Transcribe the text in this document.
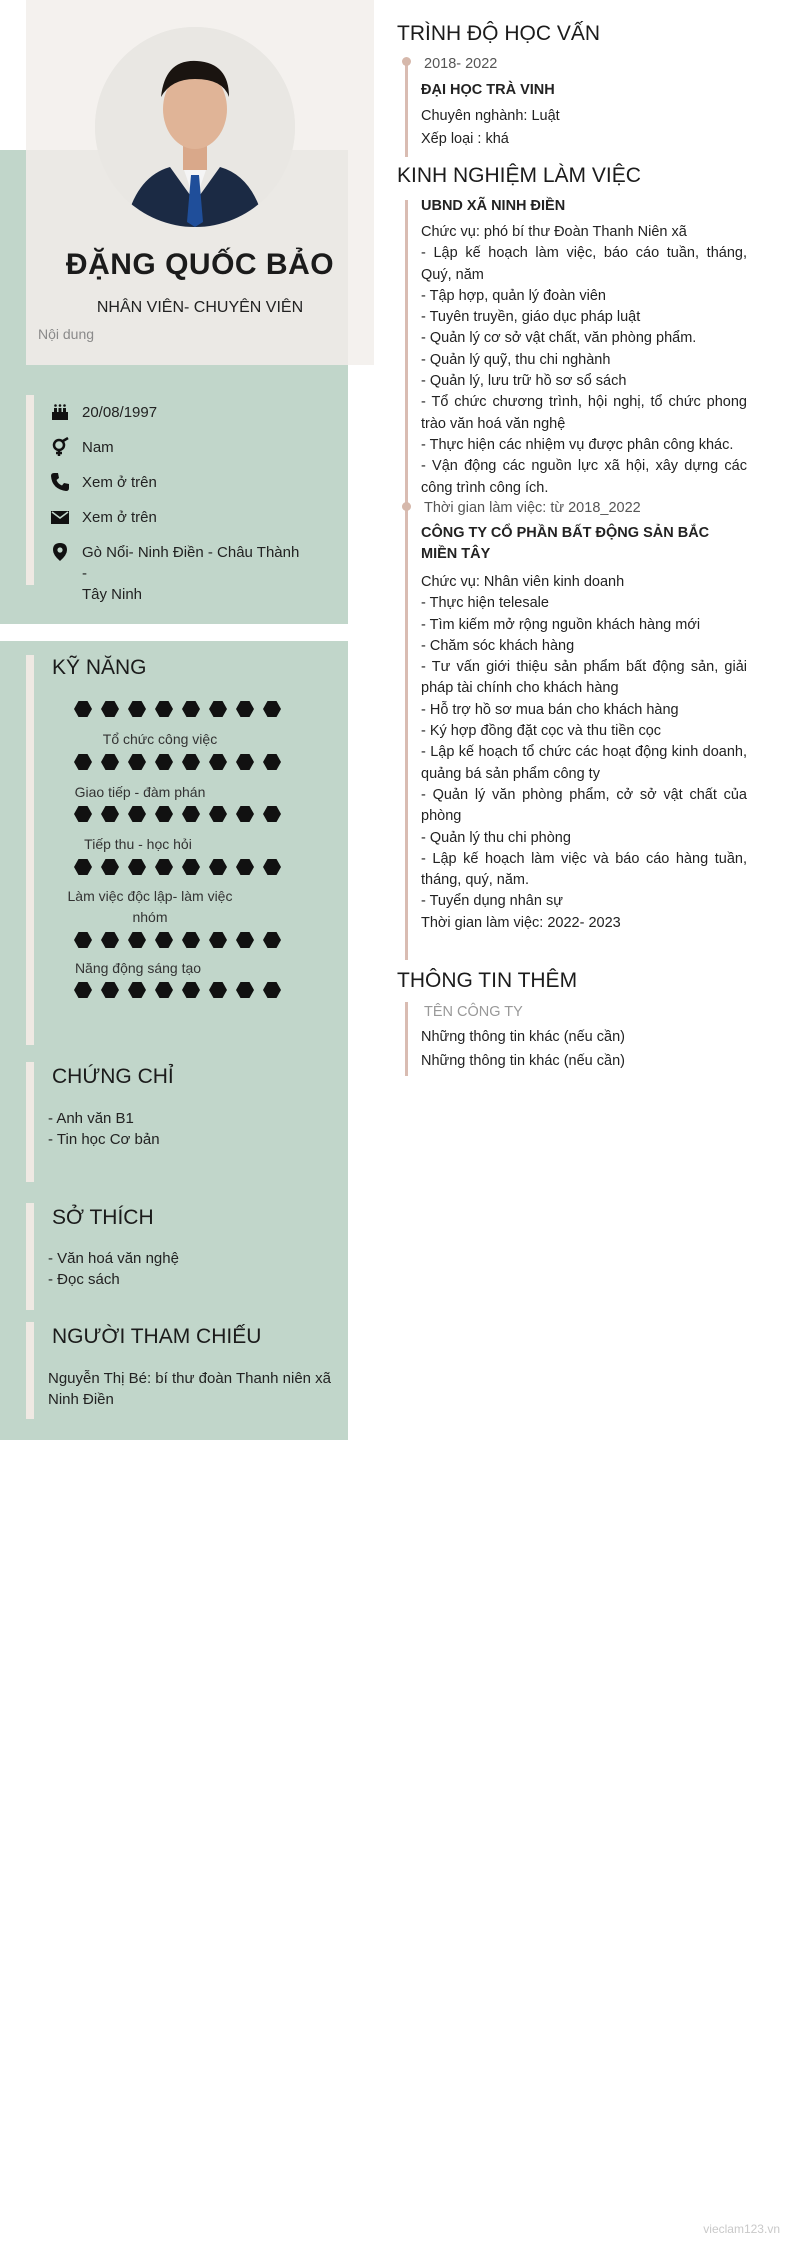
ĐẶNG QUỐC BẢO
NHÂN VIÊN- CHUYÊN VIÊN
Nội dung
20/08/1997
Nam
Xem ở trên
Xem ở trên
Gò Nổi- Ninh Điền - Châu Thành -
Tây Ninh
KỸ NĂNG
Tổ chức công việc
Giao tiếp - đàm phán
Tiếp thu - học hỏi
Làm việc độc lập- làm việc
nhóm
Năng động sáng tạo
CHỨNG CHỈ
- Anh văn B1
- Tin học Cơ bản
SỞ THÍCH
- Văn hoá văn nghệ
- Đọc sách
NGƯỜI THAM CHIẾU
Nguyễn Thị Bé: bí thư đoàn Thanh niên xã
Ninh Điền
TRÌNH ĐỘ HỌC VẤN
2018- 2022
ĐẠI HỌC TRÀ VINH
Chuyên nghành: Luật
Xếp loại : khá
KINH NGHIỆM LÀM VIỆC
UBND XÃ NINH ĐIỀN
Chức vụ: phó bí thư Đoàn Thanh Niên xã
- Lập kế hoạch làm việc, báo cáo tuần, tháng, Quý, năm
- Tập hợp, quản lý đoàn viên
- Tuyên truyền, giáo dục pháp luật
- Quản lý cơ sở vật chất, văn phòng phẩm.
- Quản lý quỹ, thu chi nghành
- Quản lý, lưu trữ hồ sơ sổ sách
- Tổ chức chương trình, hội nghị, tổ chức phong trào văn hoá văn nghệ
- Thực hiện các nhiệm vụ được phân công khác.
- Vận động các nguồn lực xã hội, xây dựng các công trình công ích.
Thời gian làm việc: từ 2018_2022
CÔNG TY CỔ PHẦN BẤT ĐỘNG SẢN BẮC MIỀN TÂY
Chức vụ: Nhân viên kinh doanh
- Thực hiện telesale
- Tìm kiếm mở rộng nguồn khách hàng mới
- Chăm sóc khách hàng
- Tư vấn giới thiệu sản phẩm bất động sản, giải pháp tài chính cho khách hàng
- Hỗ trợ hồ sơ mua bán cho khách hàng
- Ký hợp đồng đặt cọc và thu tiền cọc
- Lập kế hoạch tổ chức các hoạt động kinh doanh, quảng bá sản phẩm công ty
- Quản lý văn phòng phẩm, cở sở vật chất của phòng
- Quản lý thu chi phòng
- Lập kế hoạch làm việc và báo cáo hàng tuần, tháng, quý, năm.
- Tuyển dụng nhân sự
Thời gian làm việc: 2022- 2023
THÔNG TIN THÊM
TÊN CÔNG TY
Những thông tin khác (nếu cần)
Những thông tin khác (nếu cần)
vieclam123.vn
